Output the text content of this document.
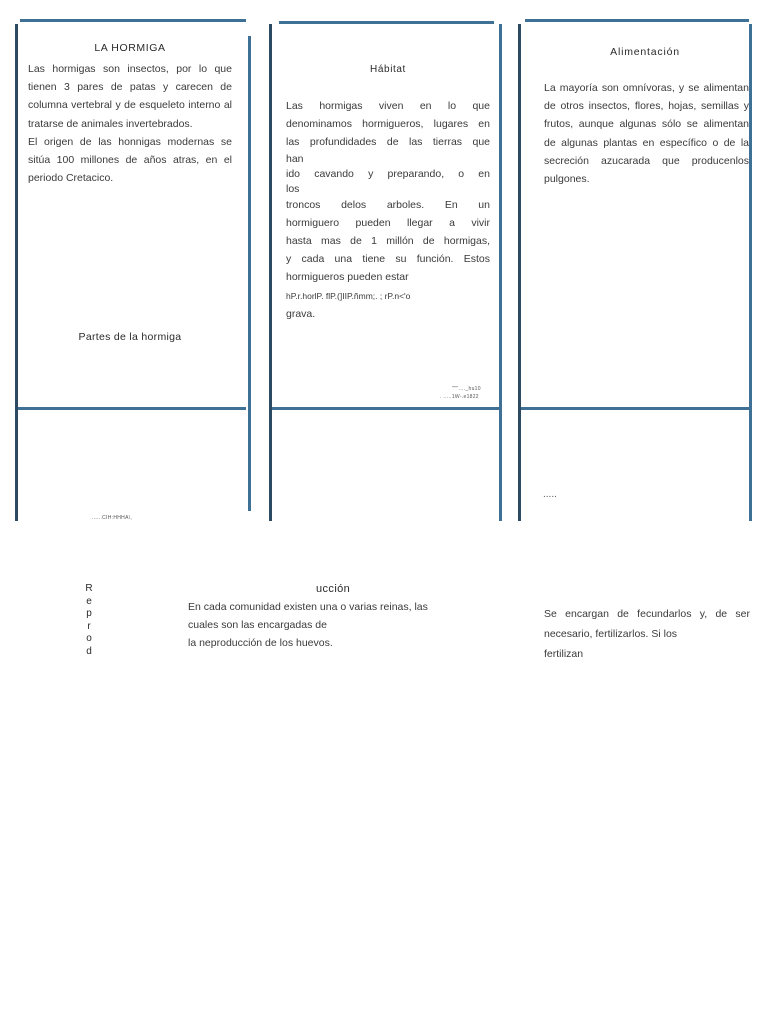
LA HORMIGA

Las hormigas son insectos, por lo que tienen 3 pares de patas y carecen de columna vertebral y de esqueleto interno al tratarse de animales invertebrados.

El origen de las honnigas modernas se sitúa 100 millones de años atras, en el periodo Cretacico.

Partes de la hormiga
......CIH:HHHA\,
Hábitat

Las hormigas viven en lo que

denominamos hormigueros, lugares en

las profundidades de las tierras que

han

ido cavando y preparando, o en

los

troncos delos arboles. En un

hormiguero pueden llegar a vivir

hasta mas de 1 millón de hormigas,

y cada una tiene su función. Estos

hormigueros pueden estar

hP.r.horlP. flP.(]IIP.ñmm;. ; rP.n<'o

grava.

'""'...._hu10
. .....1W-.e1822
Alimentación
La mayoría son omnívoras, y se alimentan de otros insectos, flores, hojas, semillas y frutos, aunque algunas sólo se alimentan de algunas plantas en específico o de la secreción azucarada que producenlos pulgones.
.....
R
e
p
r
o
d
ucción

En cada comunidad existen una o varias reinas, las

cuales son las encargadas de

la neproducción de los huevos.

Se encargan de fecundarlos y, de ser

necesario, fertilizarlos. Si los

fertilizan
